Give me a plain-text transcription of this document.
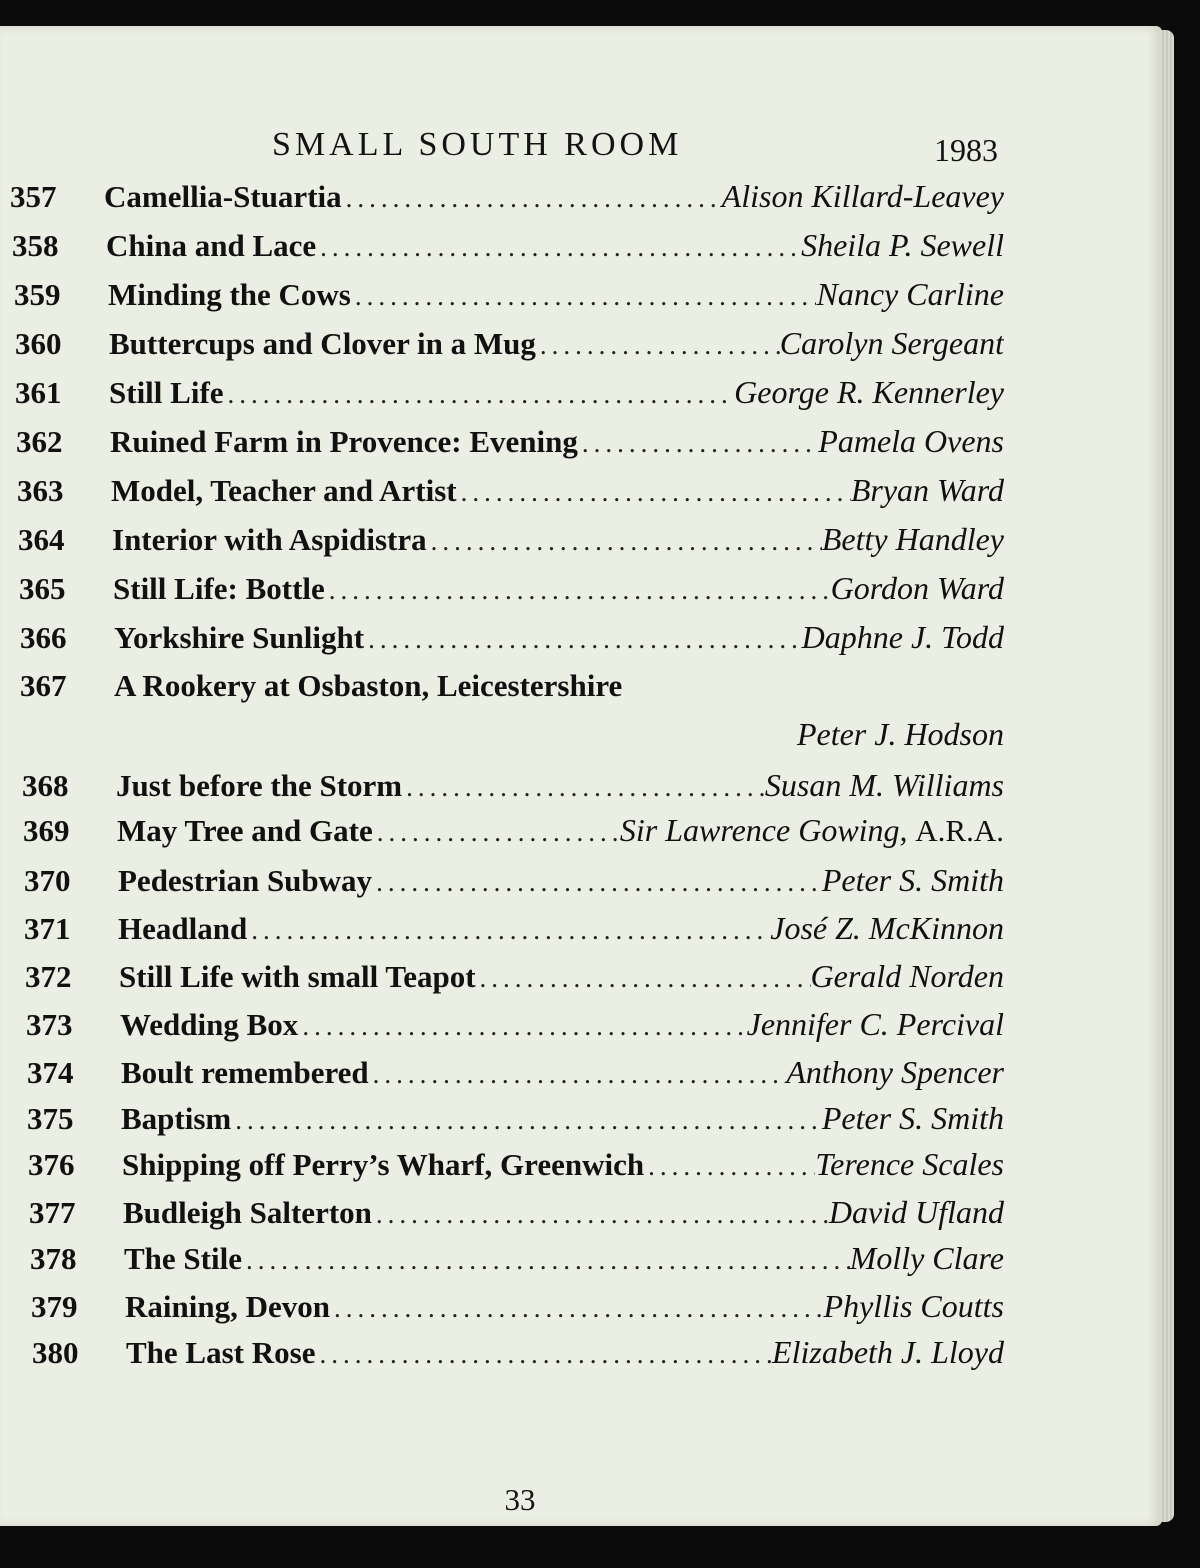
SMALL SOUTH ROOM	1983
357	Camellia-Stuartia .....	Alison Killard-Leavey
358	China and Lace .....	Sheila P. Sewell
359	Minding the Cows .....	Nancy Carline
360	Buttercups and Clover in a Mug .....	Carolyn Sergeant
361	Still Life .....	George R. Kennerley
362	Ruined Farm in Provence: Evening .....	Pamela Ovens
363	Model, Teacher and Artist .....	Bryan Ward
364	Interior with Aspidistra .....	Betty Handley
365	Still Life: Bottle .....	Gordon Ward
366	Yorkshire Sunlight .....	Daphne J. Todd
367	A Rookery at Osbaston, Leicestershire
Peter J. Hodson
368	Just before the Storm .....	Susan M. Williams
369	May Tree and Gate .....	Sir Lawrence Gowing, A.R.A.
370	Pedestrian Subway .....	Peter S. Smith
371	Headland .....	José Z. McKinnon
372	Still Life with small Teapot .....	Gerald Norden
373	Wedding Box .....	Jennifer C. Percival
374	Boult remembered .....	Anthony Spencer
375	Baptism .....	Peter S. Smith
376	Shipping off Perry’s Wharf, Greenwich .....	Terence Scales
377	Budleigh Salterton .....	David Ufland
378	The Stile .....	Molly Clare
379	Raining, Devon .....	Phyllis Coutts
380	The Last Rose .....	Elizabeth J. Lloyd
33
